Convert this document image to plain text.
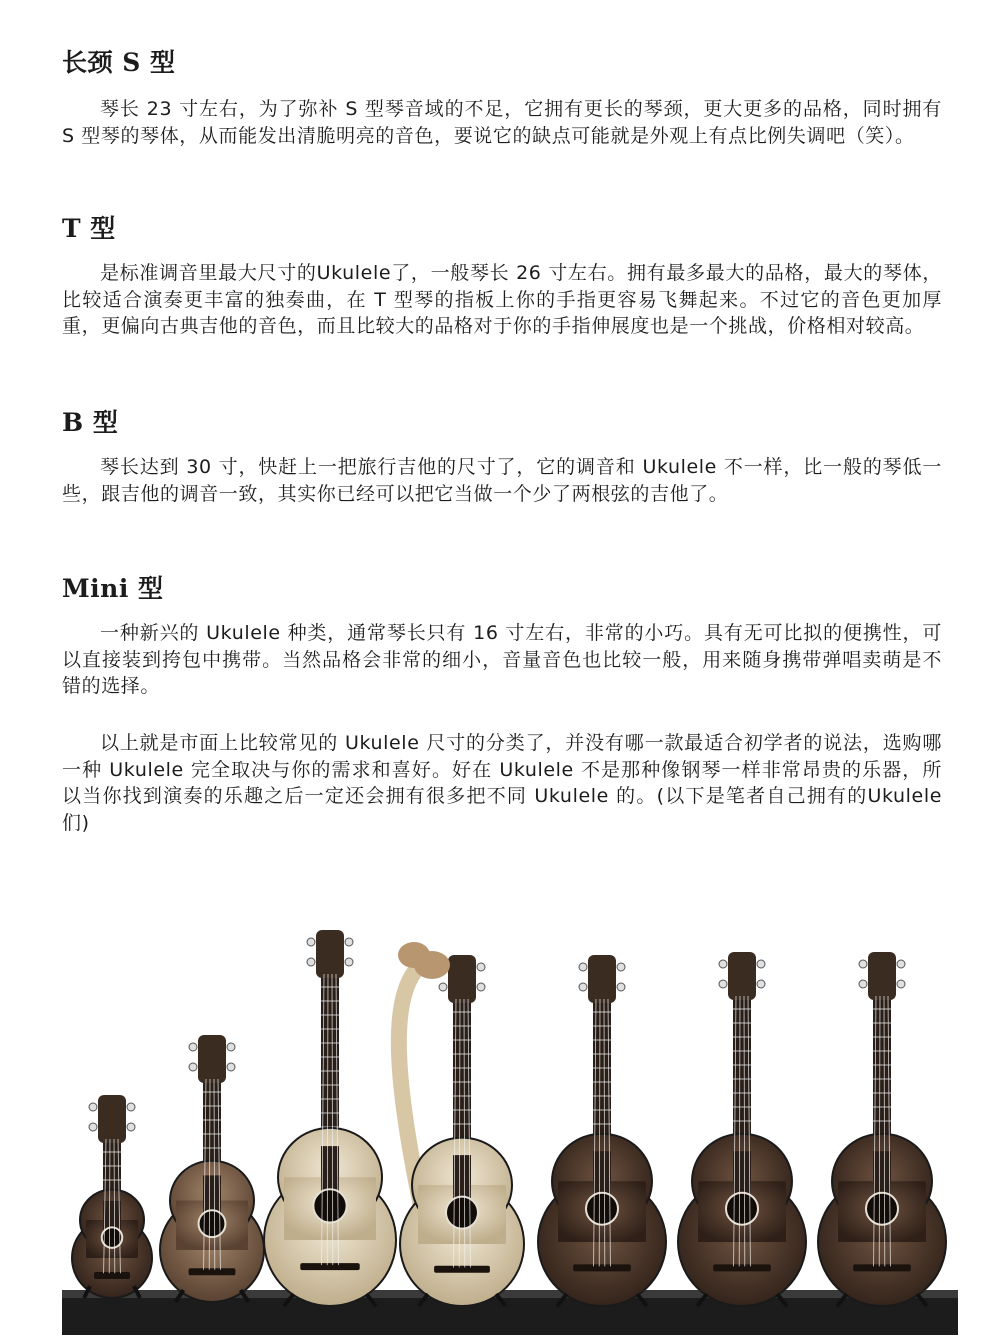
长颈 S 型

琴长 23 寸左右，为了弥补 S 型琴音域的不足，它拥有更长的琴颈，更大更多的品格，同时拥有 S 型琴的琴体，从而能发出清脆明亮的音色，要说它的缺点可能就是外观上有点比例失调吧（笑）。

T 型

是标准调音里最大尺寸的Ukulele了，一般琴长 26 寸左右。拥有最多最大的品格，最大的琴体，比较适合演奏更丰富的独奏曲，在 T 型琴的指板上你的手指更容易飞舞起来。不过它的音色更加厚重，更偏向古典吉他的音色，而且比较大的品格对于你的手指伸展度也是一个挑战，价格相对较高。

B 型

琴长达到 30 寸，快赶上一把旅行吉他的尺寸了，它的调音和 Ukulele 不一样，比一般的琴低一些，跟吉他的调音一致，其实你已经可以把它当做一个少了两根弦的吉他了。

Mini 型

一种新兴的 Ukulele 种类，通常琴长只有 16 寸左右，非常的小巧。具有无可比拟的便携性，可以直接装到挎包中携带。当然品格会非常的细小，音量音色也比较一般，用来随身携带弹唱卖萌是不错的选择。

以上就是市面上比较常见的 Ukulele 尺寸的分类了，并没有哪一款最适合初学者的说法，选购哪一种 Ukulele 完全取决与你的需求和喜好。好在 Ukulele 不是那种像钢琴一样非常昂贵的乐器，所以当你找到演奏的乐趣之后一定还会拥有很多把不同 Ukulele 的。(以下是笔者自己拥有的Ukulele 们)
